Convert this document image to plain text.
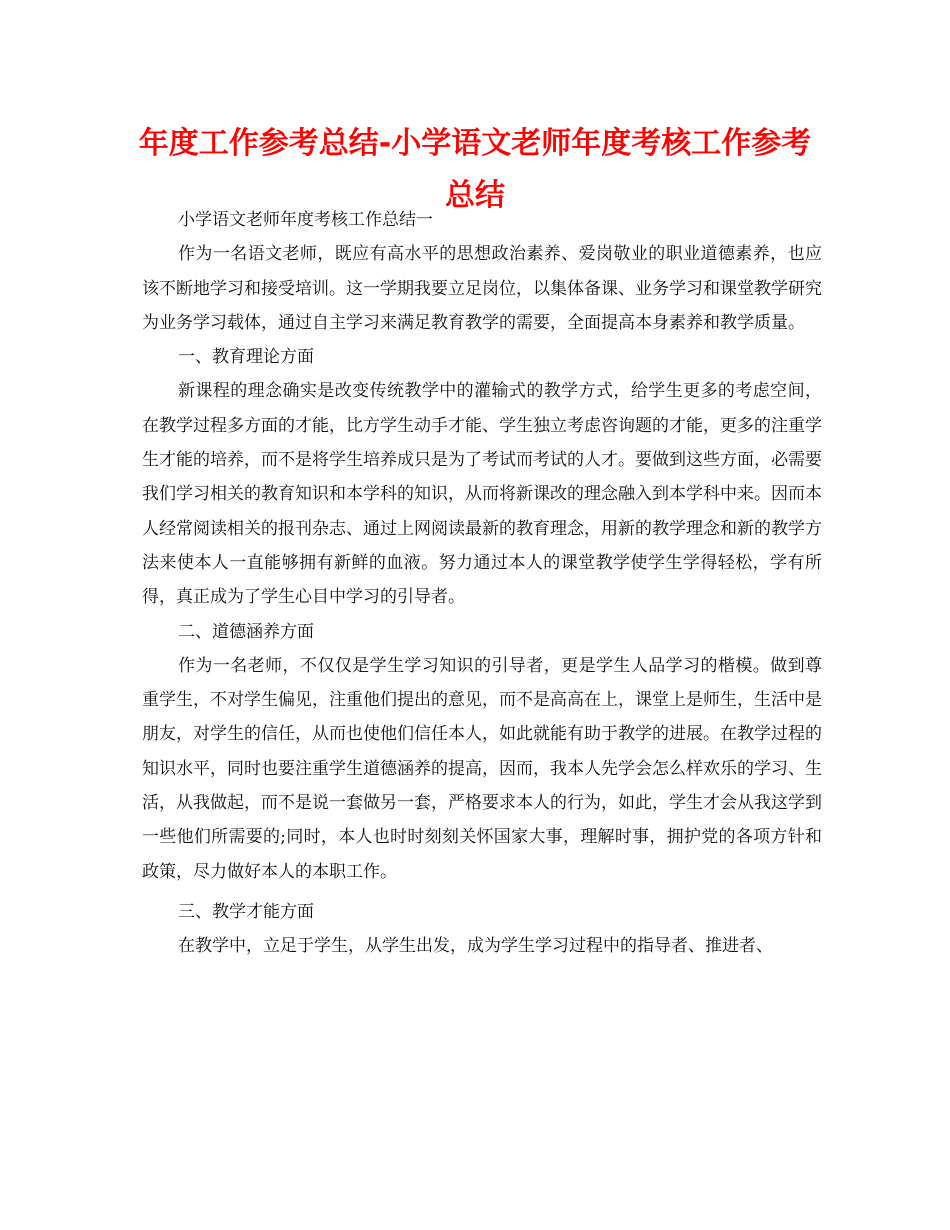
年度工作参考总结-小学语文老师年度考核工作参考总结

小学语文老师年度考核工作总结一

作为一名语文老师，既应有高水平的思想政治素养、爱岗敬业的职业道德素养，也应该不断地学习和接受培训。这一学期我要立足岗位，以集体备课、业务学习和课堂教学研究为业务学习载体，通过自主学习来满足教育教学的需要，全面提高本身素养和教学质量。

一、教育理论方面

新课程的理念确实是改变传统教学中的灌输式的教学方式，给学生更多的考虑空间，在教学过程多方面的才能，比方学生动手才能、学生独立考虑咨询题的才能，更多的注重学生才能的培养，而不是将学生培养成只是为了考试而考试的人才。要做到这些方面，必需要我们学习相关的教育知识和本学科的知识，从而将新课改的理念融入到本学科中来。因而本人经常阅读相关的报刊杂志、通过上网阅读最新的教育理念，用新的教学理念和新的教学方法来使本人一直能够拥有新鲜的血液。努力通过本人的课堂教学使学生学得轻松，学有所得，真正成为了学生心目中学习的引导者。

二、道德涵养方面

作为一名老师，不仅仅是学生学习知识的引导者，更是学生人品学习的楷模。做到尊重学生，不对学生偏见，注重他们提出的意见，而不是高高在上，课堂上是师生，生活中是朋友，对学生的信任，从而也使他们信任本人，如此就能有助于教学的进展。在教学过程的知识水平，同时也要注重学生道德涵养的提高，因而，我本人先学会怎么样欢乐的学习、生活，从我做起，而不是说一套做另一套，严格要求本人的行为，如此，学生才会从我这学到一些他们所需要的;同时，本人也时时刻刻关怀国家大事，理解时事，拥护党的各项方针和政策，尽力做好本人的本职工作。

三、教学才能方面

在教学中，立足于学生，从学生出发，成为学生学习过程中的指导者、推进者、
